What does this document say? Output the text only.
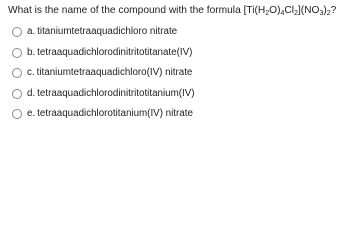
What is the name of the compound with the formula $[Ti(H_2O)_4Cl_2](NO_3)_2$?

a. titaniumtetraaquadichloro nitrate
b. tetraaquadichlorodinitritotitanate(IV)
c. titaniumtetraaquadichloro(IV) nitrate
d. tetraaquadichlorodinitritotitanium(IV)
e. tetraaquadichlorotitanium(IV) nitrate
